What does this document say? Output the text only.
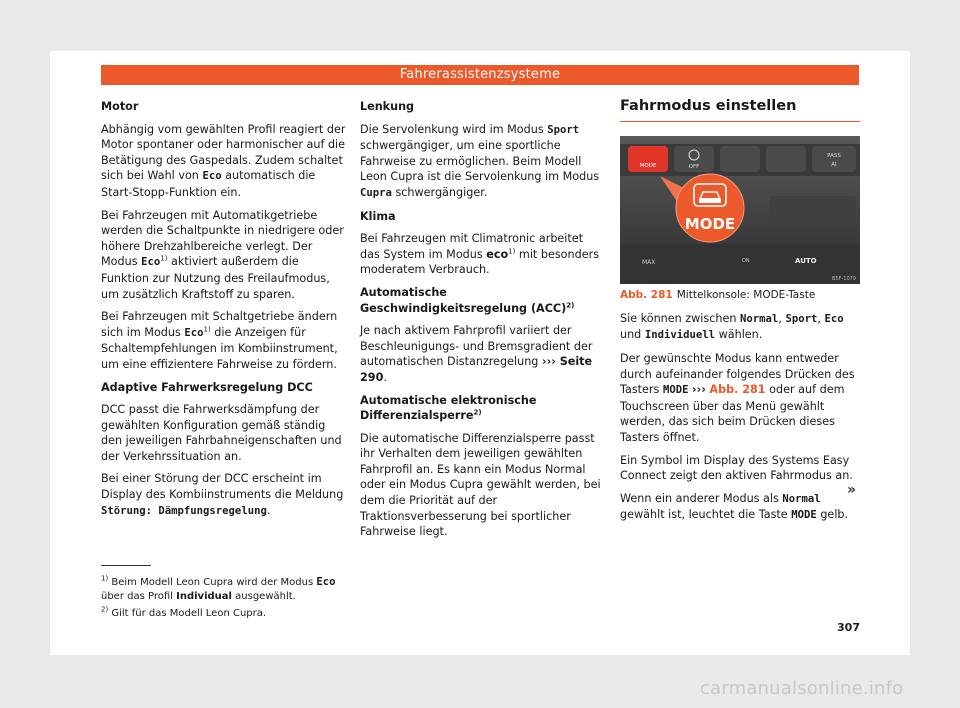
Fahrerassistenzsysteme

Motor

Abhängig vom gewählten Profil reagiert der Motor spontaner oder harmonischer auf die Betätigung des Gaspedals. Zudem schaltet sich bei Wahl von Eco automatisch die Start-Stopp-Funktion ein.

Bei Fahrzeugen mit Automatikgetriebe werden die Schaltpunkte in niedrigere oder höhere Drehzahlbereiche verlegt. Der Modus Eco$^{1)}$ aktiviert außerdem die Funktion zur Nutzung des Freilaufmodus, um zusätzlich Kraftstoff zu sparen.

Bei Fahrzeugen mit Schaltgetriebe ändern sich im Modus Eco$^{1)}$ die Anzeigen für Schaltempfehlungen im Kombiinstrument, um eine effizientere Fahrweise zu fördern.

Adaptive Fahrwerksregelung DCC

DCC passt die Fahrwerksdämpfung der gewählten Konfiguration gemäß ständig den jeweiligen Fahrbahneigenschaften und der Verkehrssituation an.

Bei einer Störung der DCC erscheint im Display des Kombiinstruments die Meldung Störung: Dämpfungsregelung.

Lenkung

Die Servolenkung wird im Modus Sport schwergängiger, um eine sportliche Fahrweise zu ermöglichen. Beim Modell Leon Cupra ist die Servolenkung im Modus Cupra schwergängiger.

Klima

Bei Fahrzeugen mit Climatronic arbeitet das System im Modus eco$^{1)}$ mit besonders moderatem Verbrauch.

Automatische Geschwindigkeitsregelung (ACC)$^{2)}$

Je nach aktivem Fahrprofil variiert der Beschleunigungs- und Bremsgradient der automatischen Distanzregelung ››› Seite 290.

Automatische elektronische Differenzialsperre$^{2)}$

Die automatische Differenzialsperre passt ihr Verhalten dem jeweiligen gewählten Fahrprofil an. Es kann ein Modus Normal oder ein Modus Cupra gewählt werden, bei dem die Priorität auf der Traktionsverbesserung bei sportlicher Fahrweise liegt.

Fahrmodus einstellen
MODE	OFF
PASS
AI
MAX	ON	AUTO
MODE
B5F-1079

Abb. 281 Mittelkonsole: MODE-Taste

Sie können zwischen Normal, Sport, Eco und Individuell wählen.

Der gewünschte Modus kann entweder durch aufeinander folgendes Drücken des Tasters MODE ››› Abb. 281 oder auf dem Touchscreen über das Menü gewählt werden, das sich beim Drücken dieses Tasters öffnet.

Ein Symbol im Display des Systems Easy Connect zeigt den aktiven Fahrmodus an.

Wenn ein anderer Modus als Normal gewählt ist, leuchtet die Taste MODE gelb.

»

$^{1)}$ Beim Modell Leon Cupra wird der Modus Eco über das Profil Individual ausgewählt.

$^{2)}$ Gilt für das Modell Leon Cupra.

307
carmanualsonline.info
